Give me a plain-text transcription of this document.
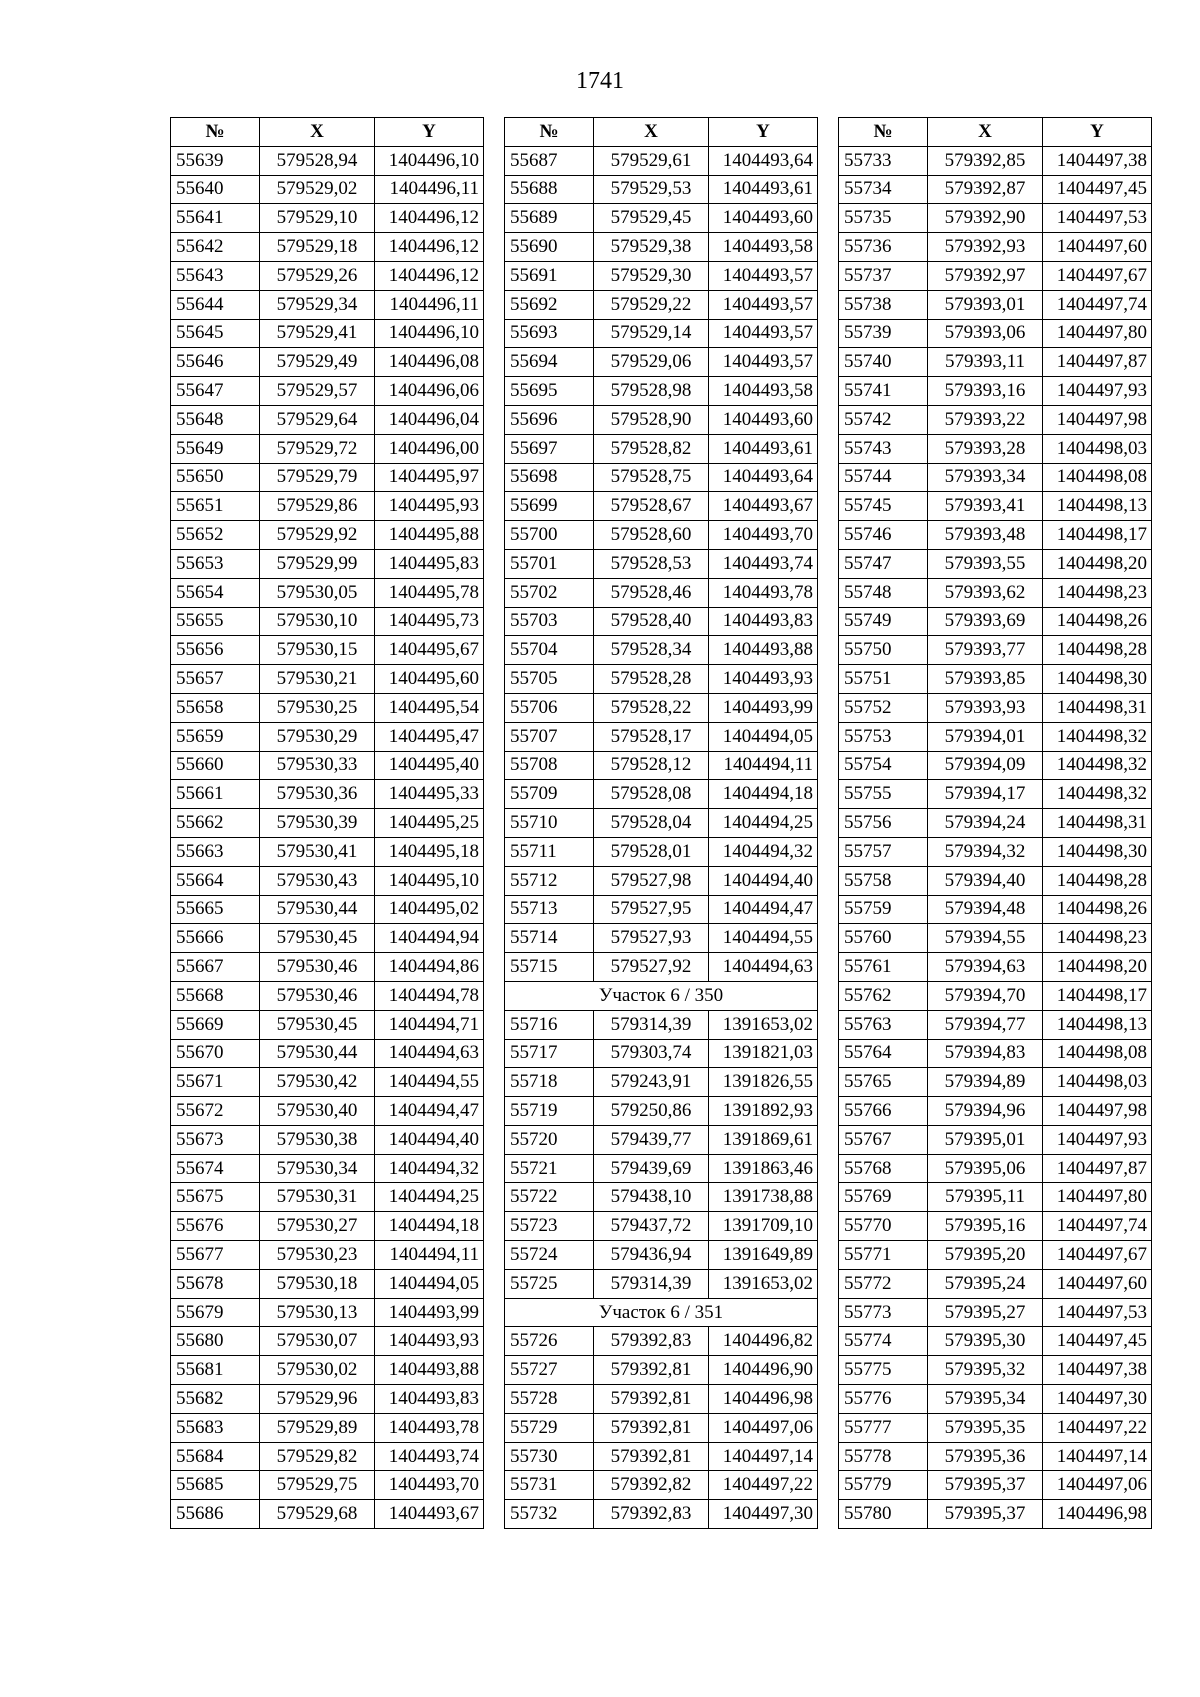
1741
№	X	Y
55639	579528,94	1404496,10
55640	579529,02	1404496,11
55641	579529,10	1404496,12
55642	579529,18	1404496,12
55643	579529,26	1404496,12
55644	579529,34	1404496,11
55645	579529,41	1404496,10
55646	579529,49	1404496,08
55647	579529,57	1404496,06
55648	579529,64	1404496,04
55649	579529,72	1404496,00
55650	579529,79	1404495,97
55651	579529,86	1404495,93
55652	579529,92	1404495,88
55653	579529,99	1404495,83
55654	579530,05	1404495,78
55655	579530,10	1404495,73
55656	579530,15	1404495,67
55657	579530,21	1404495,60
55658	579530,25	1404495,54
55659	579530,29	1404495,47
55660	579530,33	1404495,40
55661	579530,36	1404495,33
55662	579530,39	1404495,25
55663	579530,41	1404495,18
55664	579530,43	1404495,10
55665	579530,44	1404495,02
55666	579530,45	1404494,94
55667	579530,46	1404494,86
55668	579530,46	1404494,78
55669	579530,45	1404494,71
55670	579530,44	1404494,63
55671	579530,42	1404494,55
55672	579530,40	1404494,47
55673	579530,38	1404494,40
55674	579530,34	1404494,32
55675	579530,31	1404494,25
55676	579530,27	1404494,18
55677	579530,23	1404494,11
55678	579530,18	1404494,05
55679	579530,13	1404493,99
55680	579530,07	1404493,93
55681	579530,02	1404493,88
55682	579529,96	1404493,83
55683	579529,89	1404493,78
55684	579529,82	1404493,74
55685	579529,75	1404493,70
55686	579529,68	1404493,67
№	X	Y
55687	579529,61	1404493,64
55688	579529,53	1404493,61
55689	579529,45	1404493,60
55690	579529,38	1404493,58
55691	579529,30	1404493,57
55692	579529,22	1404493,57
55693	579529,14	1404493,57
55694	579529,06	1404493,57
55695	579528,98	1404493,58
55696	579528,90	1404493,60
55697	579528,82	1404493,61
55698	579528,75	1404493,64
55699	579528,67	1404493,67
55700	579528,60	1404493,70
55701	579528,53	1404493,74
55702	579528,46	1404493,78
55703	579528,40	1404493,83
55704	579528,34	1404493,88
55705	579528,28	1404493,93
55706	579528,22	1404493,99
55707	579528,17	1404494,05
55708	579528,12	1404494,11
55709	579528,08	1404494,18
55710	579528,04	1404494,25
55711	579528,01	1404494,32
55712	579527,98	1404494,40
55713	579527,95	1404494,47
55714	579527,93	1404494,55
55715	579527,92	1404494,63
Участок 6 / 350		
55716	579314,39	1391653,02
55717	579303,74	1391821,03
55718	579243,91	1391826,55
55719	579250,86	1391892,93
55720	579439,77	1391869,61
55721	579439,69	1391863,46
55722	579438,10	1391738,88
55723	579437,72	1391709,10
55724	579436,94	1391649,89
55725	579314,39	1391653,02
Участок 6 / 351		
55726	579392,83	1404496,82
55727	579392,81	1404496,90
55728	579392,81	1404496,98
55729	579392,81	1404497,06
55730	579392,81	1404497,14
55731	579392,82	1404497,22
55732	579392,83	1404497,30
№	X	Y
55733	579392,85	1404497,38
55734	579392,87	1404497,45
55735	579392,90	1404497,53
55736	579392,93	1404497,60
55737	579392,97	1404497,67
55738	579393,01	1404497,74
55739	579393,06	1404497,80
55740	579393,11	1404497,87
55741	579393,16	1404497,93
55742	579393,22	1404497,98
55743	579393,28	1404498,03
55744	579393,34	1404498,08
55745	579393,41	1404498,13
55746	579393,48	1404498,17
55747	579393,55	1404498,20
55748	579393,62	1404498,23
55749	579393,69	1404498,26
55750	579393,77	1404498,28
55751	579393,85	1404498,30
55752	579393,93	1404498,31
55753	579394,01	1404498,32
55754	579394,09	1404498,32
55755	579394,17	1404498,32
55756	579394,24	1404498,31
55757	579394,32	1404498,30
55758	579394,40	1404498,28
55759	579394,48	1404498,26
55760	579394,55	1404498,23
55761	579394,63	1404498,20
55762	579394,70	1404498,17
55763	579394,77	1404498,13
55764	579394,83	1404498,08
55765	579394,89	1404498,03
55766	579394,96	1404497,98
55767	579395,01	1404497,93
55768	579395,06	1404497,87
55769	579395,11	1404497,80
55770	579395,16	1404497,74
55771	579395,20	1404497,67
55772	579395,24	1404497,60
55773	579395,27	1404497,53
55774	579395,30	1404497,45
55775	579395,32	1404497,38
55776	579395,34	1404497,30
55777	579395,35	1404497,22
55778	579395,36	1404497,14
55779	579395,37	1404497,06
55780	579395,37	1404496,98
